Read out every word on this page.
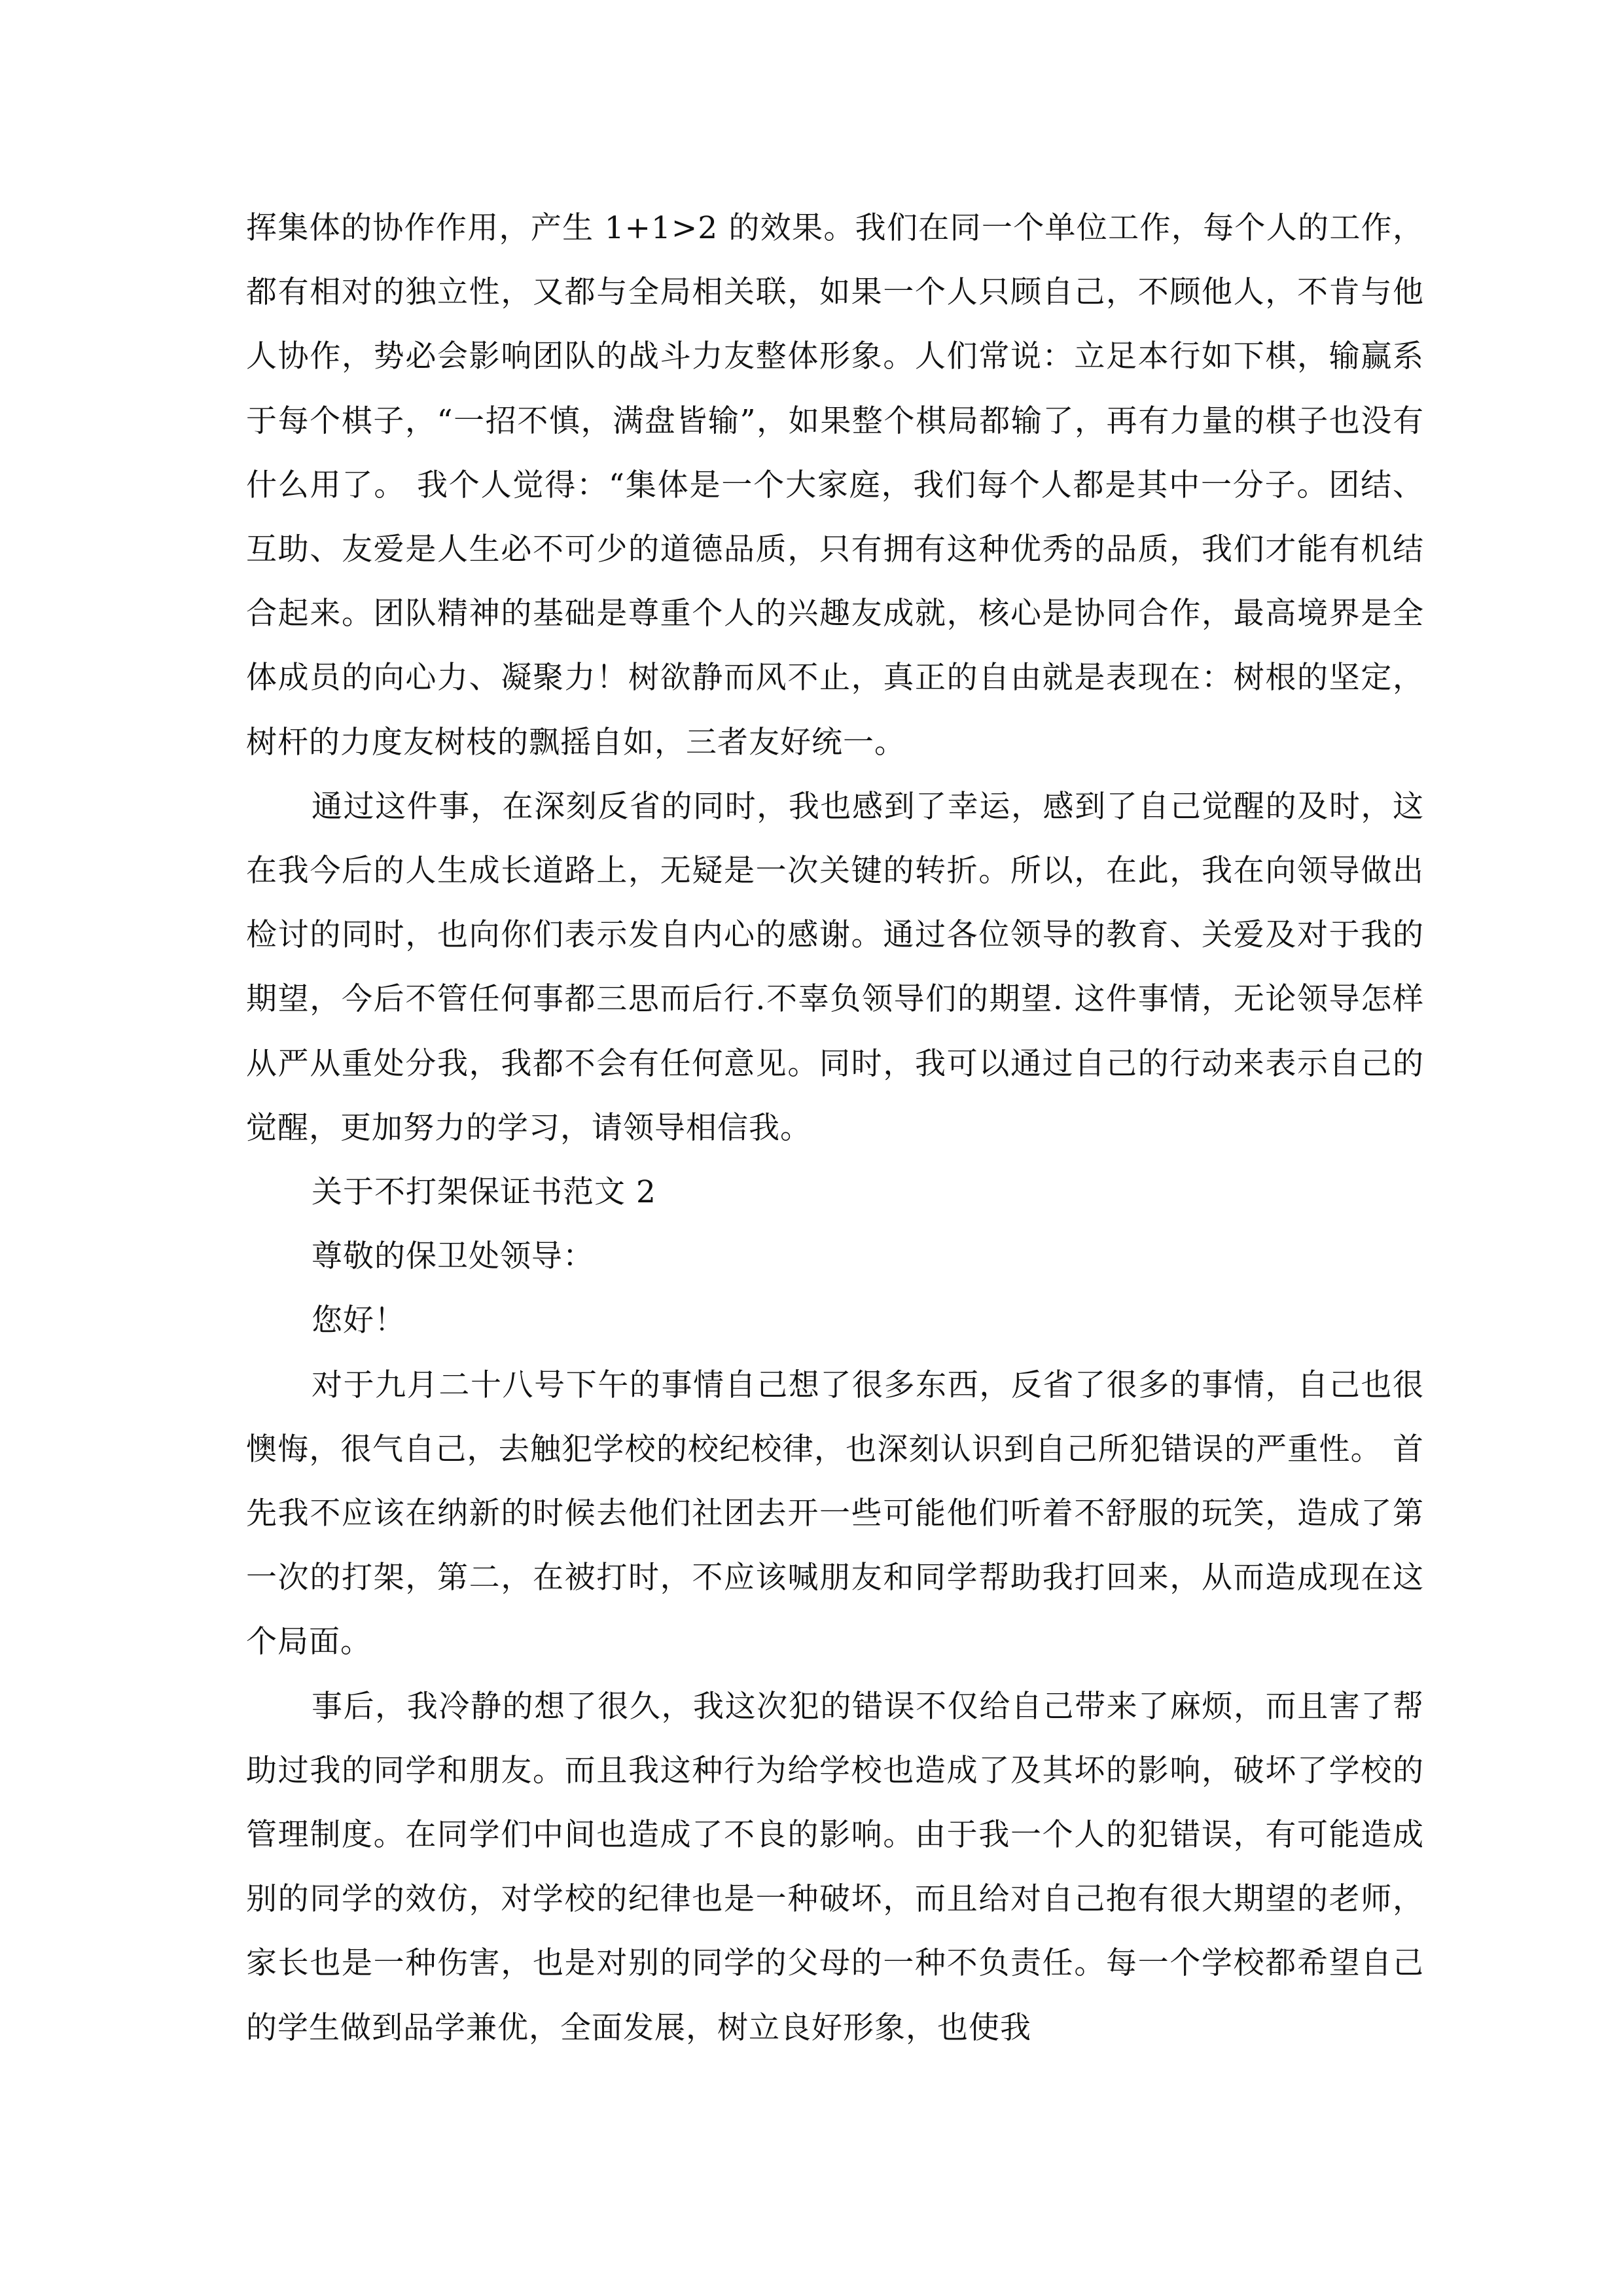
挥集体的协作作用，产生 1+1>2 的效果。我们在同一个单位工作，每个人的工作，都有相对的独立性，又都与全局相关联，如果一个人只顾自己，不顾他人，不肯与他人协作，势必会影响团队的战斗力友整体形象。人们常说：立足本行如下棋，输赢系于每个棋子，“一招不慎，满盘皆输”，如果整个棋局都输了，再有力量的棋子也没有什么用了。 我个人觉得：“集体是一个大家庭，我们每个人都是其中一分子。团结、互助、友爱是人生必不可少的道德品质，只有拥有这种优秀的品质，我们才能有机结合起来。团队精神的基础是尊重个人的兴趣友成就，核心是协同合作，最高境界是全体成员的向心力、凝聚力！树欲静而风不止，真正的自由就是表现在：树根的坚定，树杆的力度友树枝的飘摇自如，三者友好统一。

通过这件事，在深刻反省的同时，我也感到了幸运，感到了自己觉醒的及时，这在我今后的人生成长道路上，无疑是一次关键的转折。所以，在此，我在向领导做出检讨的同时，也向你们表示发自内心的感谢。通过各位领导的教育、关爱及对于我的期望，今后不管任何事都三思而后行.不辜负领导们的期望. 这件事情，无论领导怎样从严从重处分我，我都不会有任何意见。同时，我可以通过自己的行动来表示自己的觉醒，更加努力的学习，请领导相信我。

关于不打架保证书范文 2

尊敬的保卫处领导：

您好！

对于九月二十八号下午的事情自己想了很多东西，反省了很多的事情，自己也很懊悔，很气自己，去触犯学校的校纪校律，也深刻认识到自己所犯错误的严重性。 首先我不应该在纳新的时候去他们社团去开一些可能他们听着不舒服的玩笑，造成了第一次的打架，第二，在被打时，不应该喊朋友和同学帮助我打回来，从而造成现在这个局面。

事后，我冷静的想了很久，我这次犯的错误不仅给自己带来了麻烦，而且害了帮助过我的同学和朋友。而且我这种行为给学校也造成了及其坏的影响，破坏了学校的管理制度。在同学们中间也造成了不良的影响。由于我一个人的犯错误，有可能造成别的同学的效仿，对学校的纪律也是一种破坏，而且给对自己抱有很大期望的老师，家长也是一种伤害，也是对别的同学的父母的一种不负责任。每一个学校都希望自己的学生做到品学兼优，全面发展，树立良好形象，也使我
